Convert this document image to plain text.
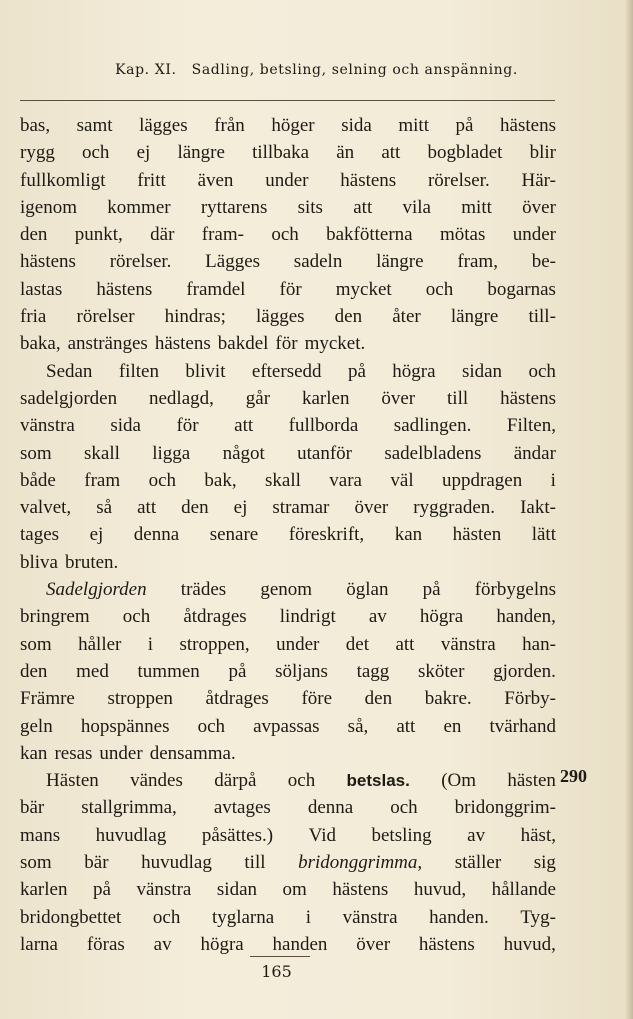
Kap. XI. Sadling, betsling, selning och anspänning.
bas, samt lägges från höger sida mitt på hästens
rygg och ej längre tillbaka än att bogbladet blir
fullkomligt fritt även under hästens rörelser. Här-
igenom kommer ryttarens sits att vila mitt över
den punkt, där fram- och bakfötterna mötas under
hästens rörelser. Lägges sadeln längre fram, be-
lastas hästens framdel för mycket och bogarnas
fria rörelser hindras; lägges den åter längre till-
baka, anstränges hästens bakdel för mycket.
Sedan filten blivit eftersedd på högra sidan och
sadelgjorden nedlagd, går karlen över till hästens
vänstra sida för att fullborda sadlingen. Filten,
som skall ligga något utanför sadelbladens ändar
både fram och bak, skall vara väl uppdragen i
valvet, så att den ej stramar över ryggraden. Iakt-
tages ej denna senare föreskrift, kan hästen lätt
bliva bruten.
Sadelgjorden trädes genom öglan på förbygelns
bringrem och åtdrages lindrigt av högra handen,
som håller i stroppen, under det att vänstra han-
den med tummen på söljans tagg sköter gjorden.
Främre stroppen åtdrages före den bakre. Förby-
geln hopspännes och avpassas så, att en tvärhand
kan resas under densamma.
Hästen vändes därpå och betslas. (Om hästen
bär stallgrimma, avtages denna och bridonggrim-
mans huvudlag påsättes.) Vid betsling av häst,
som bär huvudlag till bridonggrimma, ställer sig
karlen på vänstra sidan om hästens huvud, hållande
bridongbettet och tyglarna i vänstra handen. Tyg-
larna föras av högra handen över hästens huvud,
290
165
